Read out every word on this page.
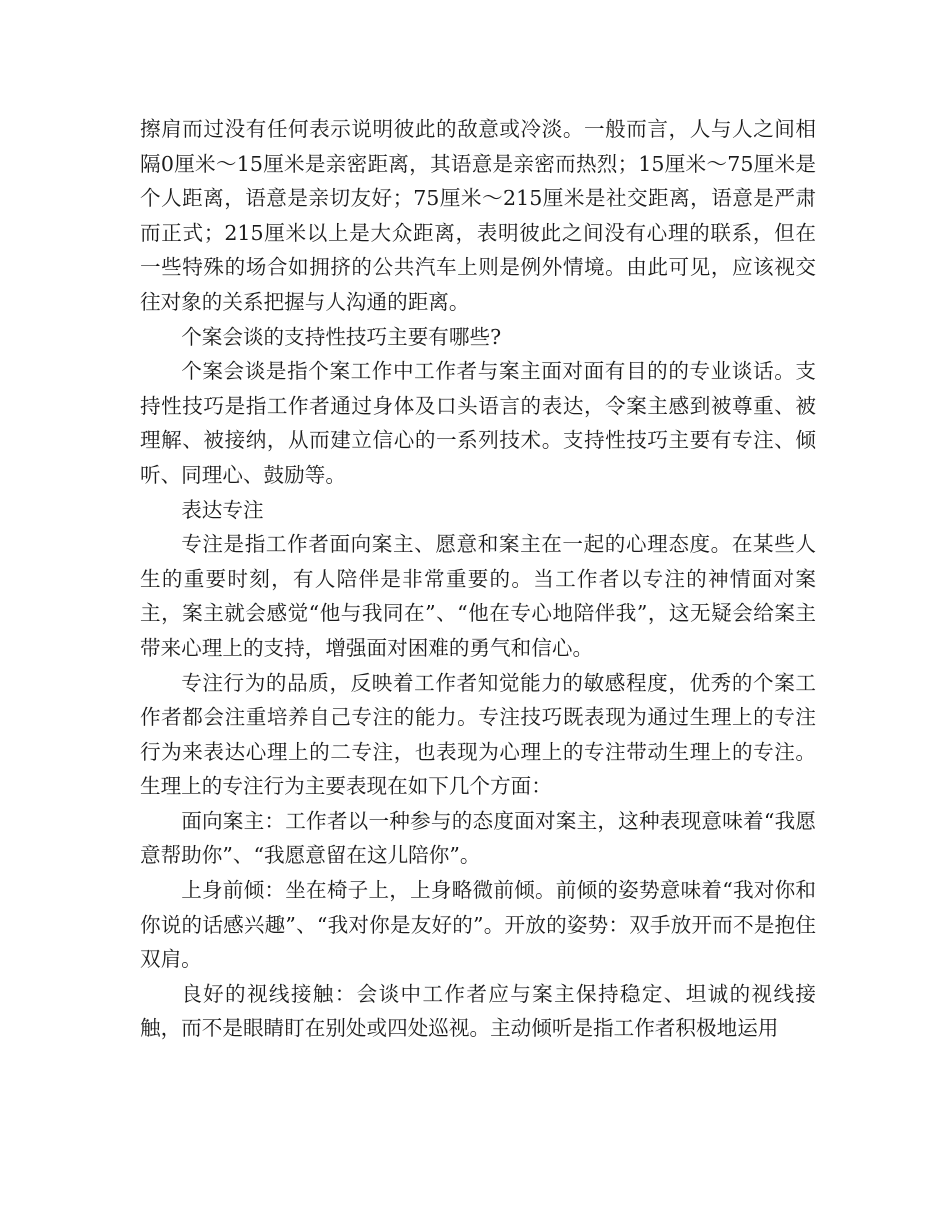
擦肩而过没有任何表示说明彼此的敌意或冷淡。一般而言，人与人之间相隔0厘米～15厘米是亲密距离，其语意是亲密而热烈；15厘米～75厘米是个人距离，语意是亲切友好；75厘米～215厘米是社交距离，语意是严肃而正式；215厘米以上是大众距离，表明彼此之间没有心理的联系，但在一些特殊的场合如拥挤的公共汽车上则是例外情境。由此可见，应该视交往对象的关系把握与人沟通的距离。

个案会谈的支持性技巧主要有哪些?

个案会谈是指个案工作中工作者与案主面对面有目的的专业谈话。支持性技巧是指工作者通过身体及口头语言的表达，令案主感到被尊重、被理解、被接纳，从而建立信心的一系列技术。支持性技巧主要有专注、倾听、同理心、鼓励等。

表达专注

专注是指工作者面向案主、愿意和案主在一起的心理态度。在某些人生的重要时刻，有人陪伴是非常重要的。当工作者以专注的神情面对案主，案主就会感觉“他与我同在”、“他在专心地陪伴我”，这无疑会给案主带来心理上的支持，增强面对困难的勇气和信心。

专注行为的品质，反映着工作者知觉能力的敏感程度，优秀的个案工作者都会注重培养自己专注的能力。专注技巧既表现为通过生理上的专注行为来表达心理上的二专注，也表现为心理上的专注带动生理上的专注。生理上的专注行为主要表现在如下几个方面：

面向案主：工作者以一种参与的态度面对案主，这种表现意味着“我愿意帮助你”、“我愿意留在这儿陪你”。

上身前倾：坐在椅子上，上身略微前倾。前倾的姿势意味着“我对你和你说的话感兴趣”、“我对你是友好的”。开放的姿势：双手放开而不是抱住双肩。

良好的视线接触：会谈中工作者应与案主保持稳定、坦诚的视线接触，而不是眼睛盯在别处或四处巡视。主动倾听是指工作者积极地运用
